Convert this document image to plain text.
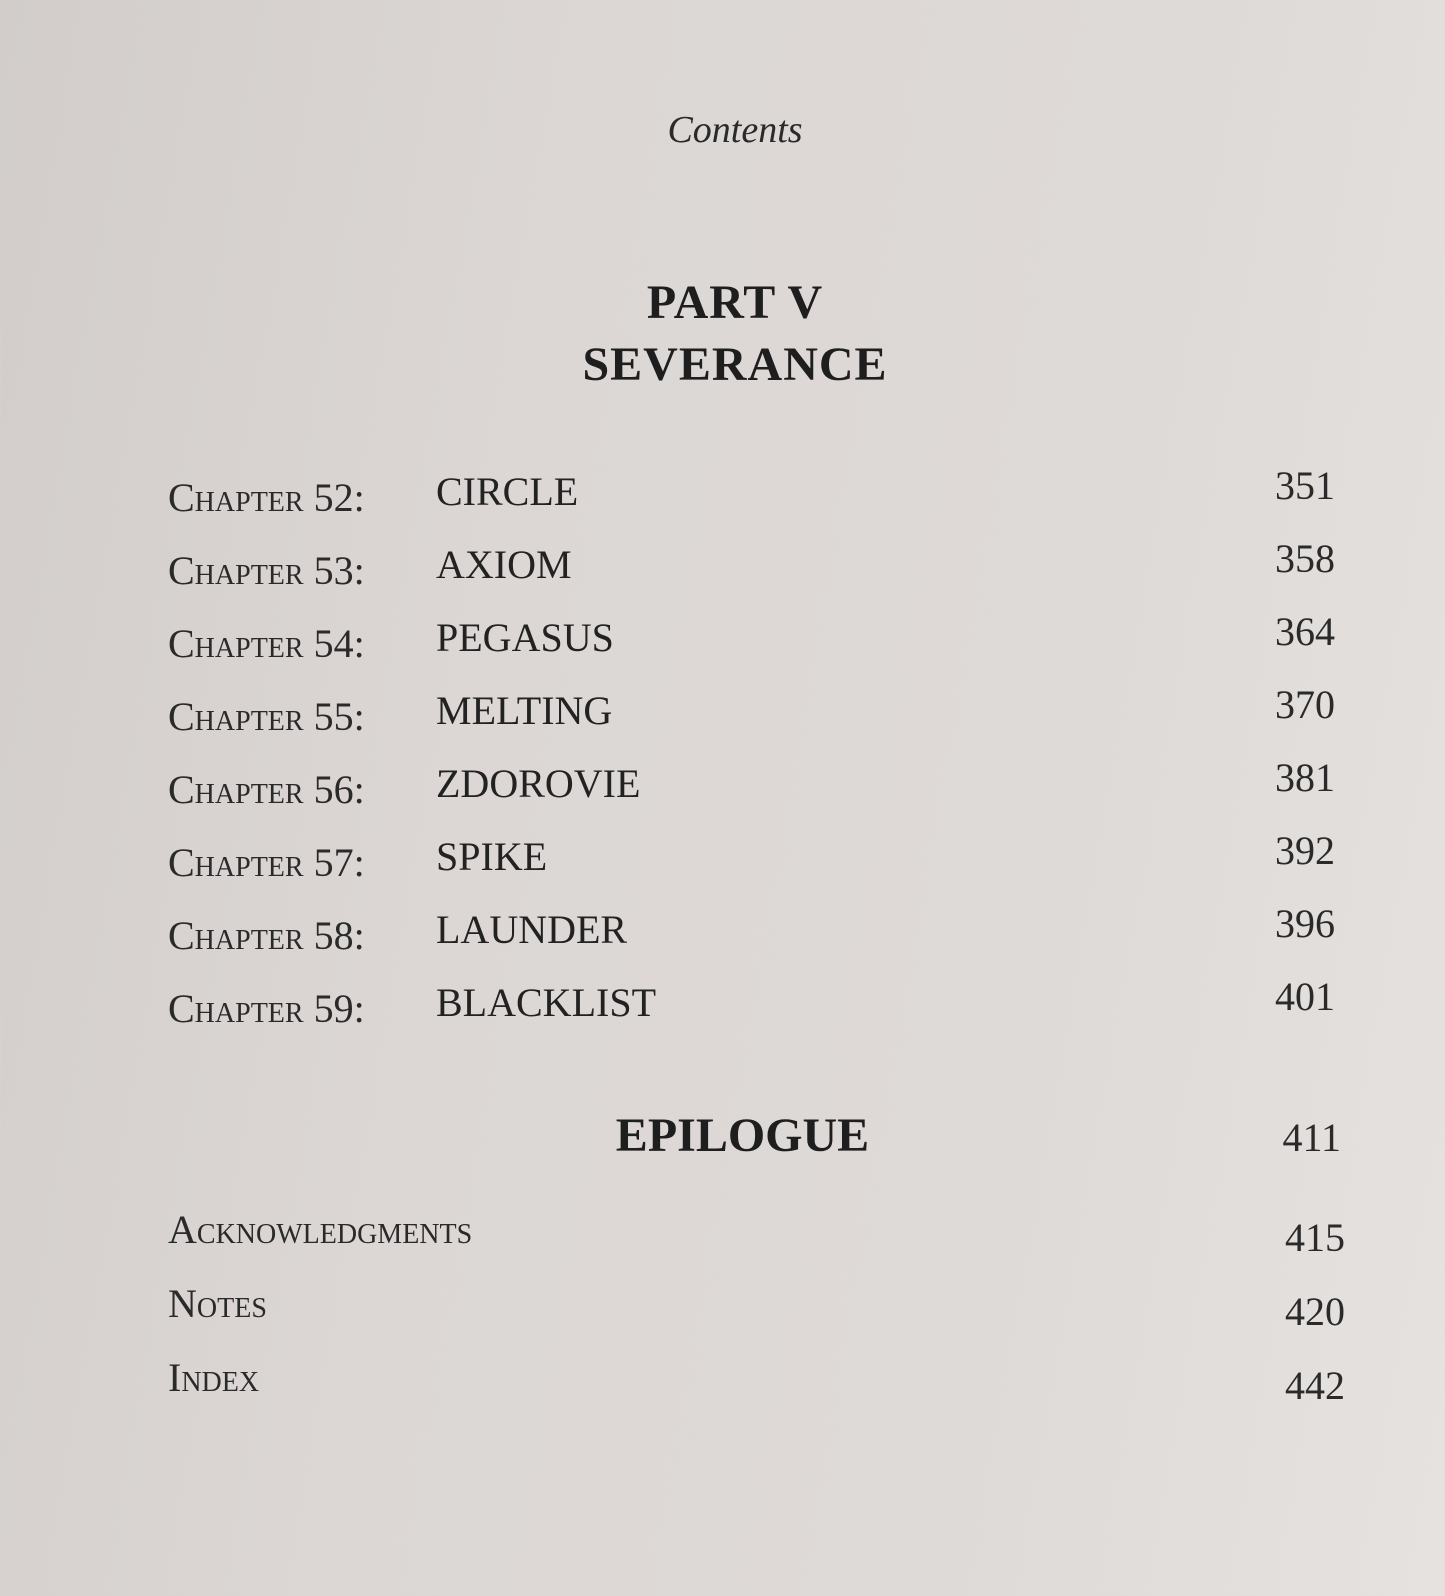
Contents
PART V
SEVERANCE
Chapter 52: CIRCLE	351
Chapter 53: AXIOM	358
Chapter 54: PEGASUS	364
Chapter 55: MELTING	370
Chapter 56: ZDOROVIE	381
Chapter 57: SPIKE	392
Chapter 58: LAUNDER	396
Chapter 59: BLACKLIST	401
EPILOGUE	411
Acknowledgments	415
Notes	420
Index	442
